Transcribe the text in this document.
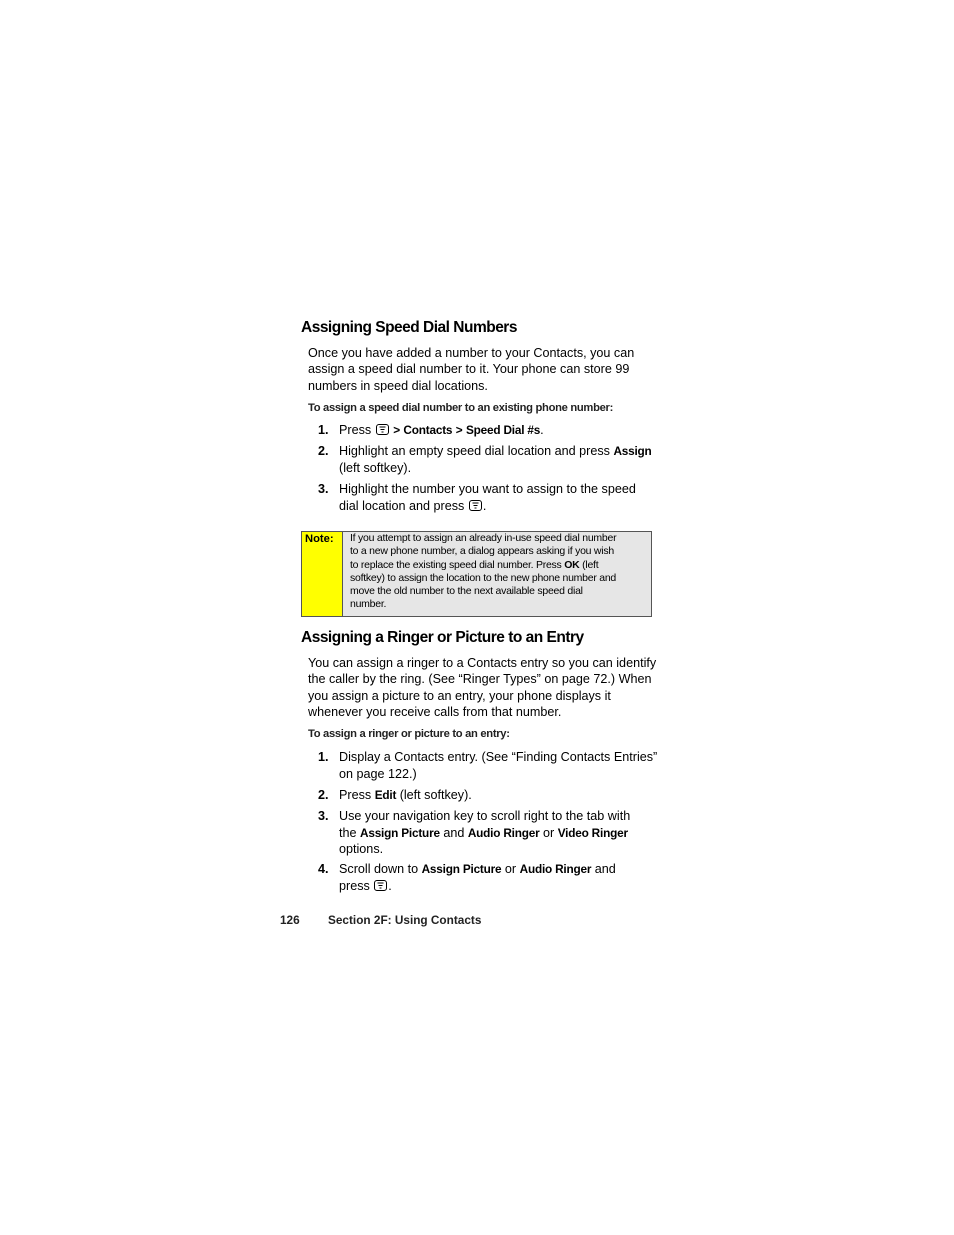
Assigning Speed Dial Numbers
Once you have added a number to your Contacts, you can
assign a speed dial number to it. Your phone can store 99
numbers in speed dial locations.
To assign a speed dial number to an existing phone number:
1. Press > Contacts > Speed Dial #s.
2. Highlight an empty speed dial location and press Assign
(left softkey).
3. Highlight the number you want to assign to the speed
dial location and press .
Note: If you attempt to assign an already in-use speed dial number
to a new phone number, a dialog appears asking if you wish
to replace the existing speed dial number. Press OK (left
softkey) to assign the location to the new phone number and
move the old number to the next available speed dial
number.
Assigning a Ringer or Picture to an Entry
You can assign a ringer to a Contacts entry so you can identify
the caller by the ring. (See “Ringer Types” on page 72.) When
you assign a picture to an entry, your phone displays it
whenever you receive calls from that number.
To assign a ringer or picture to an entry:
1. Display a Contacts entry. (See “Finding Contacts Entries”
on page 122.)
2. Press Edit (left softkey).
3. Use your navigation key to scroll right to the tab with
the Assign Picture and Audio Ringer or Video Ringer
options.
4. Scroll down to Assign Picture or Audio Ringer and
press .
126 Section 2F: Using Contacts
